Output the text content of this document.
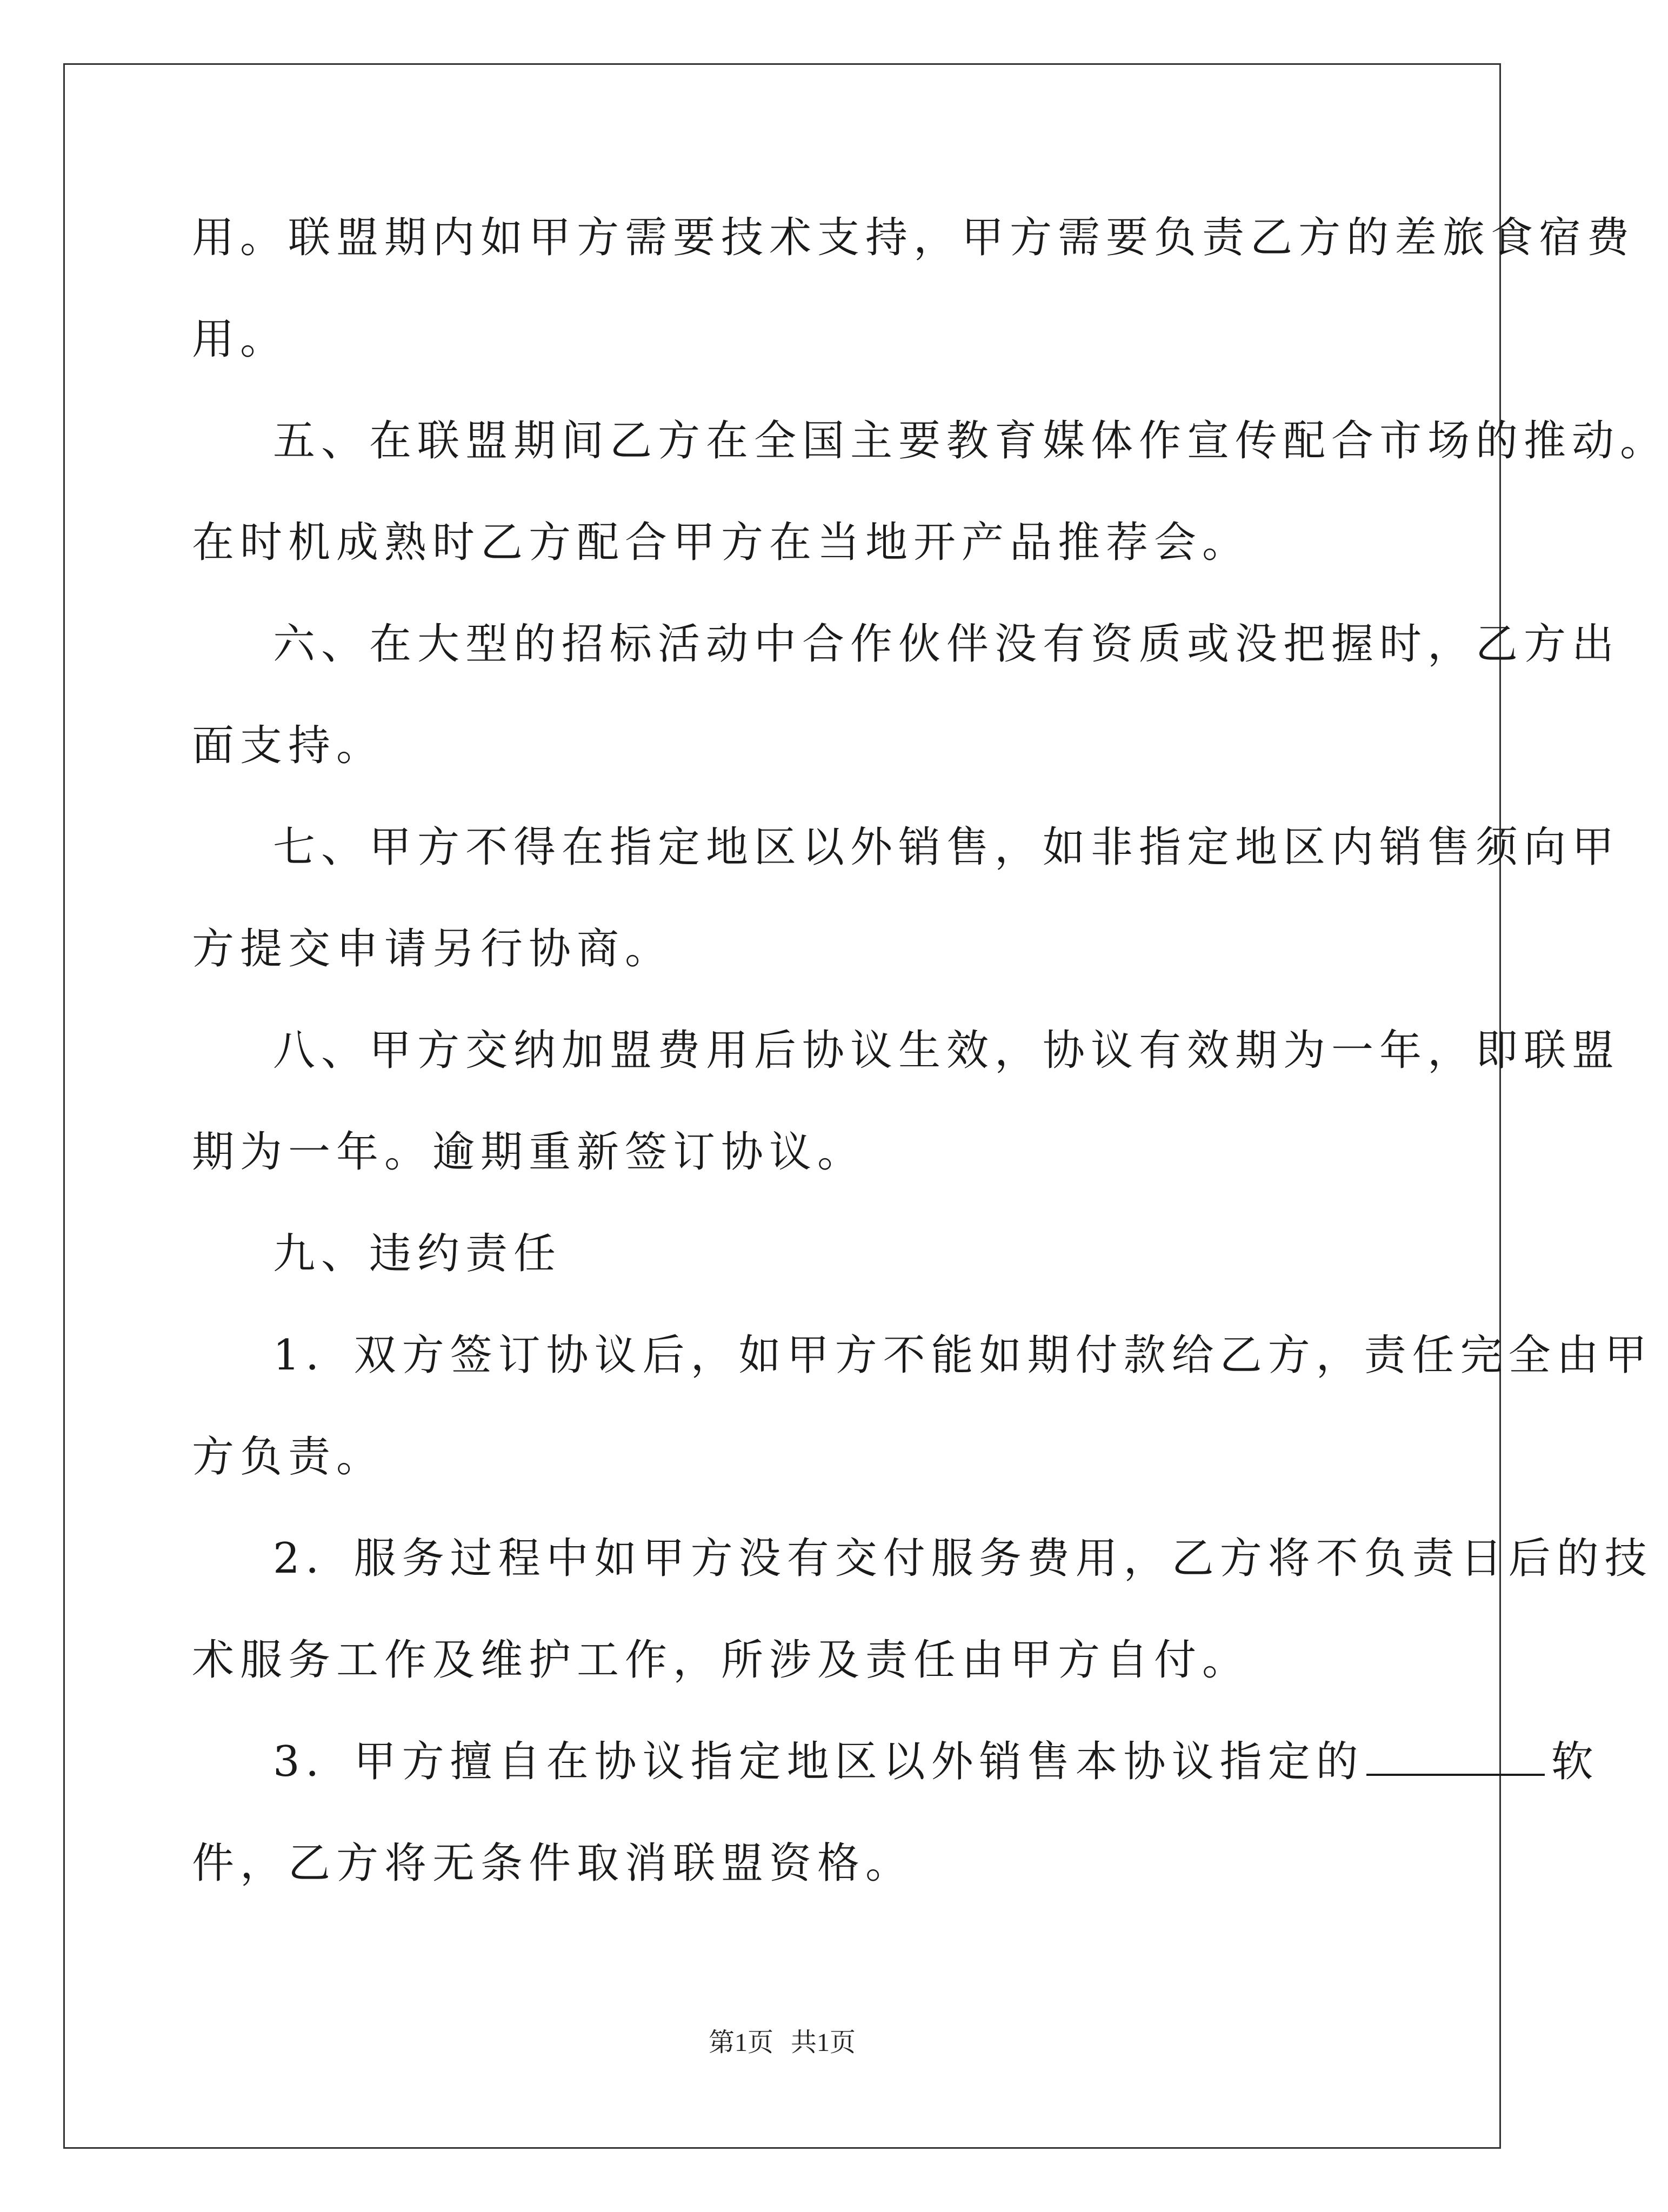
用。联盟期内如甲方需要技术支持，甲方需要负责乙方的差旅食宿费
用。
五、在联盟期间乙方在全国主要教育媒体作宣传配合市场的推动。
在时机成熟时乙方配合甲方在当地开产品推荐会。
六、在大型的招标活动中合作伙伴没有资质或没把握时，乙方出
面支持。
七、甲方不得在指定地区以外销售，如非指定地区内销售须向甲
方提交申请另行协商。
八、甲方交纳加盟费用后协议生效，协议有效期为一年，即联盟
期为一年。逾期重新签订协议。
九、违约责任
1．双方签订协议后，如甲方不能如期付款给乙方，责任完全由甲
方负责。
2．服务过程中如甲方没有交付服务费用，乙方将不负责日后的技
术服务工作及维护工作，所涉及责任由甲方自付。
3．甲方擅自在协议指定地区以外销售本协议指定的	软
件，乙方将无条件取消联盟资格。
第1页 共1页
